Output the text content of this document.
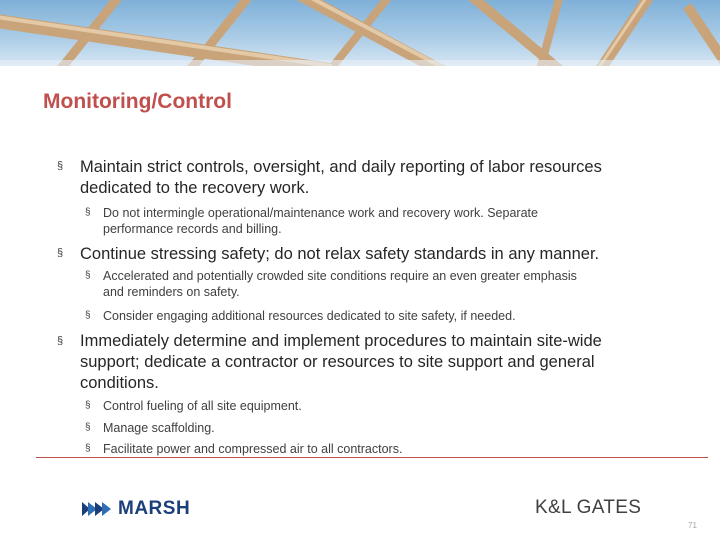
Monitoring/Control
§ Maintain strict controls, oversight, and daily reporting of labor resources
dedicated to the recovery work.
§ Do not intermingle operational/maintenance work and recovery work. Separate
performance records and billing.
§ Continue stressing safety; do not relax safety standards in any manner.
§ Accelerated and potentially crowded site conditions require an even greater emphasis
and reminders on safety.
§ Consider engaging additional resources dedicated to site safety, if needed.
§ Immediately determine and implement procedures to maintain site-wide
support; dedicate a contractor or resources to site support and general
conditions.
§ Control fueling of all site equipment.
§ Manage scaffolding.
§ Facilitate power and compressed air to all contractors.
MARSH	K&L GATES
71
